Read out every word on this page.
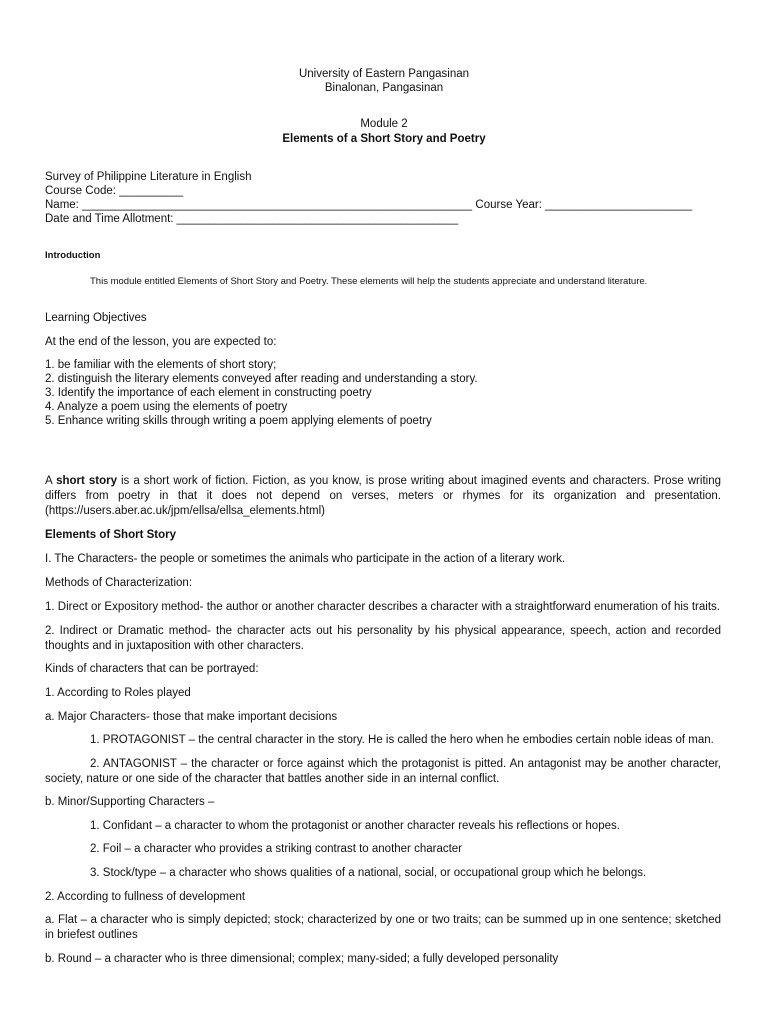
University of Eastern Pangasinan
Binalonan, Pangasinan
Module 2
Elements of a Short Story and Poetry
Survey of Philippine Literature in English
Course Code: __________
Name: _____________________________________________________________ Course Year: _______________________
Date and Time Allotment: ____________________________________________
Introduction
This module entitled Elements of Short Story and Poetry. These elements will help the students appreciate and understand literature.
Learning Objectives
At the end of the lesson, you are expected to:
1. be familiar with the elements of short story;
2. distinguish the literary elements conveyed after reading and understanding a story.
3. Identify the importance of each element in constructing poetry
4. Analyze a poem using the elements of poetry
5. Enhance writing skills through writing a poem applying elements of poetry
A short story is a short work of fiction. Fiction, as you know, is prose writing about imagined events and characters. Prose writing differs from poetry in that it does not depend on verses, meters or rhymes for its organization and presentation. (https://users.aber.ac.uk/jpm/ellsa/ellsa_elements.html)
Elements of Short Story
I. The Characters- the people or sometimes the animals who participate in the action of a literary work.
Methods of Characterization:
1. Direct or Expository method- the author or another character describes a character with a straightforward enumeration of his traits.
2. Indirect or Dramatic method- the character acts out his personality by his physical appearance, speech, action and recorded thoughts and in juxtaposition with other characters.
Kinds of characters that can be portrayed:
1. According to Roles played
a. Major Characters- those that make important decisions
1. PROTAGONIST – the central character in the story. He is called the hero when he embodies certain noble ideas of man.
2. ANTAGONIST – the character or force against which the protagonist is pitted. An antagonist may be another character, society, nature or one side of the character that battles another side in an internal conflict.
b. Minor/Supporting Characters –
1. Confidant – a character to whom the protagonist or another character reveals his reflections or hopes.
2. Foil – a character who provides a striking contrast to another character
3. Stock/type – a character who shows qualities of a national, social, or occupational group which he belongs.
2. According to fullness of development
a. Flat – a character who is simply depicted; stock; characterized by one or two traits; can be summed up in one sentence; sketched in briefest outlines
b. Round – a character who is three dimensional; complex; many-sided; a fully developed personality
